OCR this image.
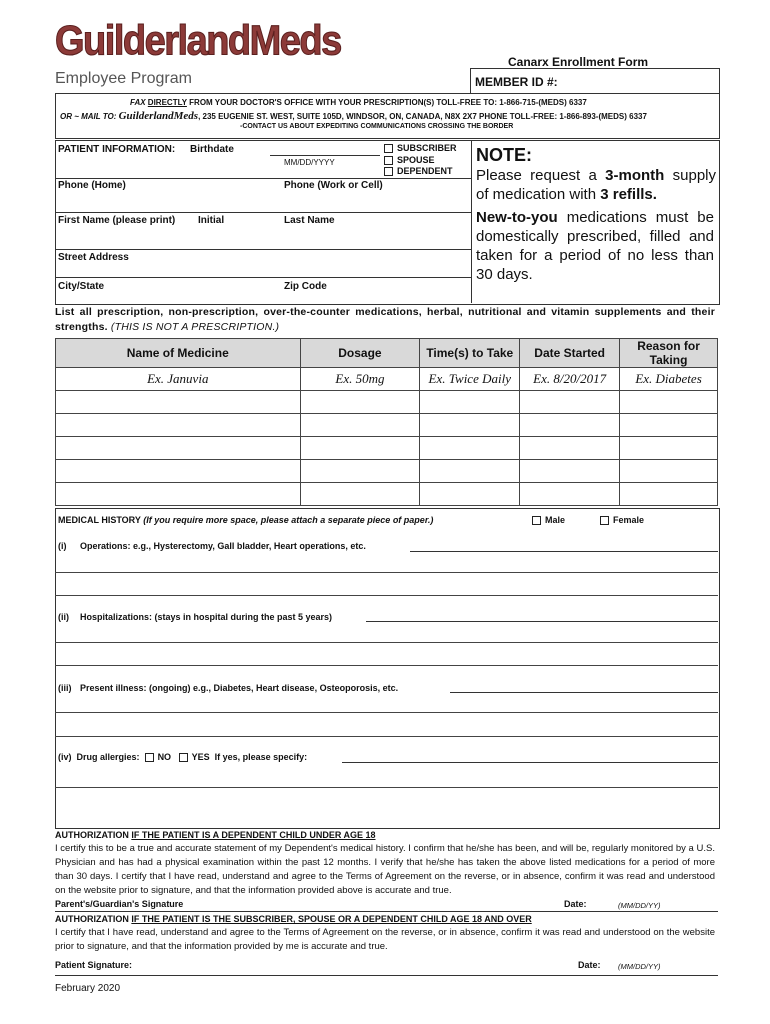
GuilderlandMeds
Employee Program
Canarx Enrollment Form
MEMBER ID #:
FAX DIRECTLY FROM YOUR DOCTOR'S OFFICE WITH YOUR PRESCRIPTION(S) TOLL-FREE TO: 1-866-715-(MEDS) 6337
OR ~ MAIL TO: GuilderlandMeds, 235 EUGENIE ST. WEST, SUITE 105D, WINDSOR, ON, CANADA, N8X 2X7 PHONE TOLL-FREE: 1-866-893-(MEDS) 6337
-CONTACT US ABOUT EXPEDITING COMMUNICATIONS CROSSING THE BORDER
PATIENT INFORMATION: Birthdate
MM/DD/YYYY
SUBSCRIBER
SPOUSE
DEPENDENT
Phone (Home)	Phone (Work or Cell)
First Name (please print) Initial	Last Name
Street Address
City/State	Zip Code
NOTE:
Please request a 3-month supply of medication with 3 refills.
New-to-you medications must be domestically prescribed, filled and taken for a period of no less than 30 days.
List all prescription, non-prescription, over-the-counter medications, herbal, nutritional and vitamin supplements and their strengths. (THIS IS NOT A PRESCRIPTION.)
Name of Medicine	Dosage	Time(s) to Take	Date Started	Reason for Taking
Ex. Januvia	Ex. 50mg	Ex. Twice Daily	Ex. 8/20/2017	Ex. Diabetes

MEDICAL HISTORY (If you require more space, please attach a separate piece of paper.)	Male	Female
(i) Operations: e.g., Hysterectomy, Gall bladder, Heart operations, etc.
(ii) Hospitalizations: (stays in hospital during the past 5 years)
(iii) Present illness: (ongoing) e.g., Diabetes, Heart disease, Osteoporosis, etc.
(iv) Drug allergies: NO YES If yes, please specify:
AUTHORIZATION IF THE PATIENT IS A DEPENDENT CHILD UNDER AGE 18
I certify this to be a true and accurate statement of my Dependent's medical history. I confirm that he/she has been, and will be, regularly monitored by a U.S. Physician and has had a physical examination within the past 12 months. I verify that he/she has taken the above listed medications for a period of more than 30 days. I certify that I have read, understand and agree to the Terms of Agreement on the reverse, or in absence, confirm it was read and understood on the website prior to signature, and that the information provided above is accurate and true.
Parent's/Guardian's Signature	Date:	(MM/DD/YY)
AUTHORIZATION IF THE PATIENT IS THE SUBSCRIBER, SPOUSE OR A DEPENDENT CHILD AGE 18 AND OVER
I certify that I have read, understand and agree to the Terms of Agreement on the reverse, or in absence, confirm it was read and understood on the website prior to signature, and that the information provided by me is accurate and true.
Patient Signature:	Date: (MM/DD/YY)
February 2020
